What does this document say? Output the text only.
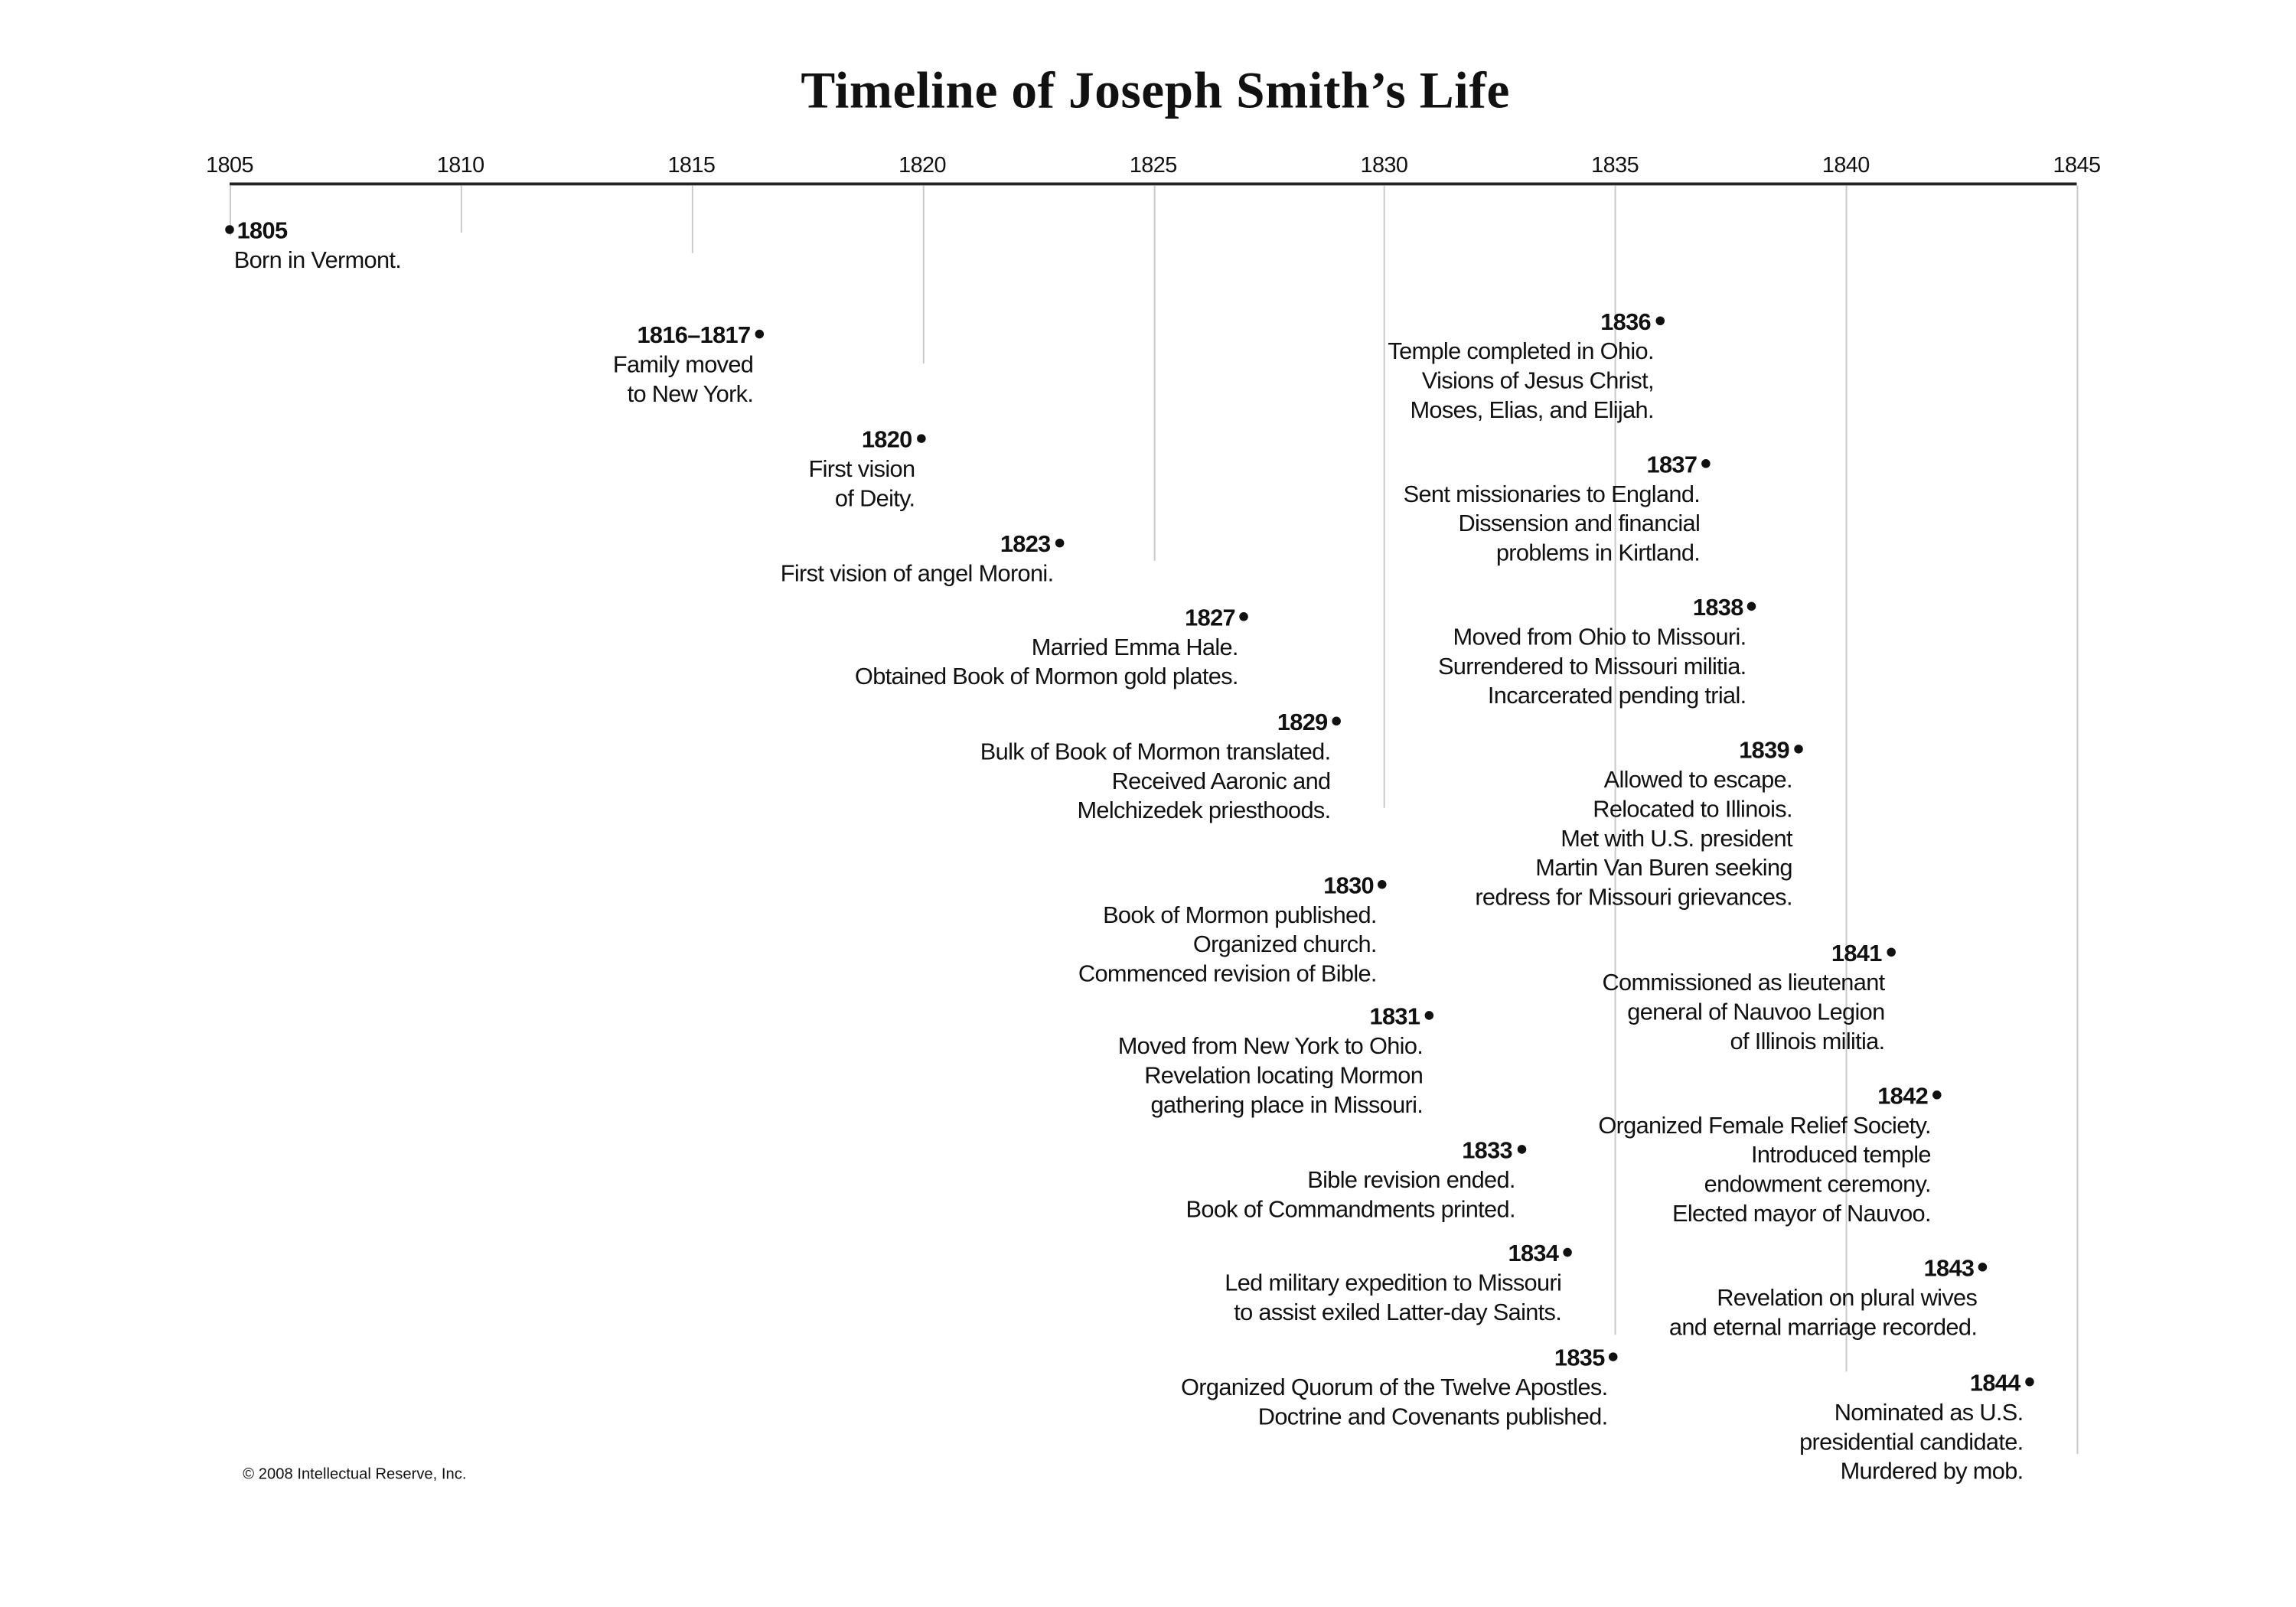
Timeline of Joseph Smith’s Life
1805	1810	1815	1820	1825	1830	1835	1840	1845
1805
Born in Vermont.
1816–1817
Family moved
to New York.
1820
First vision
of Deity.
1823
First vision of angel Moroni.
1827
Married Emma Hale.
Obtained Book of Mormon gold plates.
1829
Bulk of Book of Mormon translated.
Received Aaronic and
Melchizedek priesthoods.
1830
Book of Mormon published.
Organized church.
Commenced revision of Bible.
1831
Moved from New York to Ohio.
Revelation locating Mormon
gathering place in Missouri.
1833
Bible revision ended.
Book of Commandments printed.
1834
Led military expedition to Missouri
to assist exiled Latter-day Saints.
1835
Organized Quorum of the Twelve Apostles.
Doctrine and Covenants published.
1836
Temple completed in Ohio.
Visions of Jesus Christ,
Moses, Elias, and Elijah.
1837
Sent missionaries to England.
Dissension and financial
problems in Kirtland.
1838
Moved from Ohio to Missouri.
Surrendered to Missouri militia.
Incarcerated pending trial.
1839
Allowed to escape.
Relocated to Illinois.
Met with U.S. president
Martin Van Buren seeking
redress for Missouri grievances.
1841
Commissioned as lieutenant
general of Nauvoo Legion
of Illinois militia.
1842
Organized Female Relief Society.
Introduced temple
endowment ceremony.
Elected mayor of Nauvoo.
1843
Revelation on plural wives
and eternal marriage recorded.
1844
Nominated as U.S.
presidential candidate.
Murdered by mob.
© 2008 Intellectual Reserve, Inc.
